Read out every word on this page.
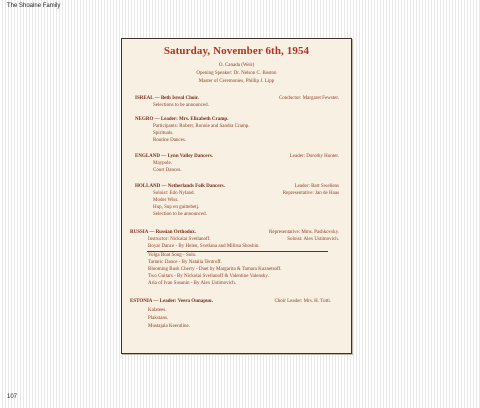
The Shoalne Family
107
Saturday, November 6th, 1954
O. Canada (Weir)
Opening Speaker: Dr. Nelson C. Boston
Master of Ceremonies, Phillip J. Lipp
ISREAL — Beth Isreal Choir.	Conductor: Margaret Fewster.
Selections to be announced.
NEGRO — Leader: Mrs. Elizabeth Cramp.
Participants: Robert, Ronnie and Sandra Cramp.
Spirituals.
Routine Dances.
ENGLAND — Lynn Valley Dancers.	Leader: Dorothy Hunter.
Maypole.
Court Dances.
HOLLAND — Netherlands Folk Dancers.	Leader: Bart Swellens
Soloist: Edo Nyland.	Representative: Jan de Haas
Moder Wiss.
Hup, Sup en guittebetj.
Selection to be announced.
RUSSIA — Russian Orthodox.	Representative: Mms. Pashkovsky.
Instructor: Nickolai Svetlanoff.	Soloist: Alex Ustimovich.
Boyar Dance - By Helen, Svetlana and Militsa Shoshin.
Volga Boat Song - Solo.
Tartaric Dance - By Natalia Tentroff.
Blooming Bush Cherry - Duet by Margarita & Tamara Kuznetsoff.
Two Guitars - By Nickolai Svetlanoff & Valentine Valensky.
Aria of Ivan Susanin - By Alex Ustimovich.
ESTONIA — Leader: Veera Ounapuu.	Choir Leader: Mrs. H. Tutti.
Kalatees.
Plakstans.
Mustajala Keeruline.
